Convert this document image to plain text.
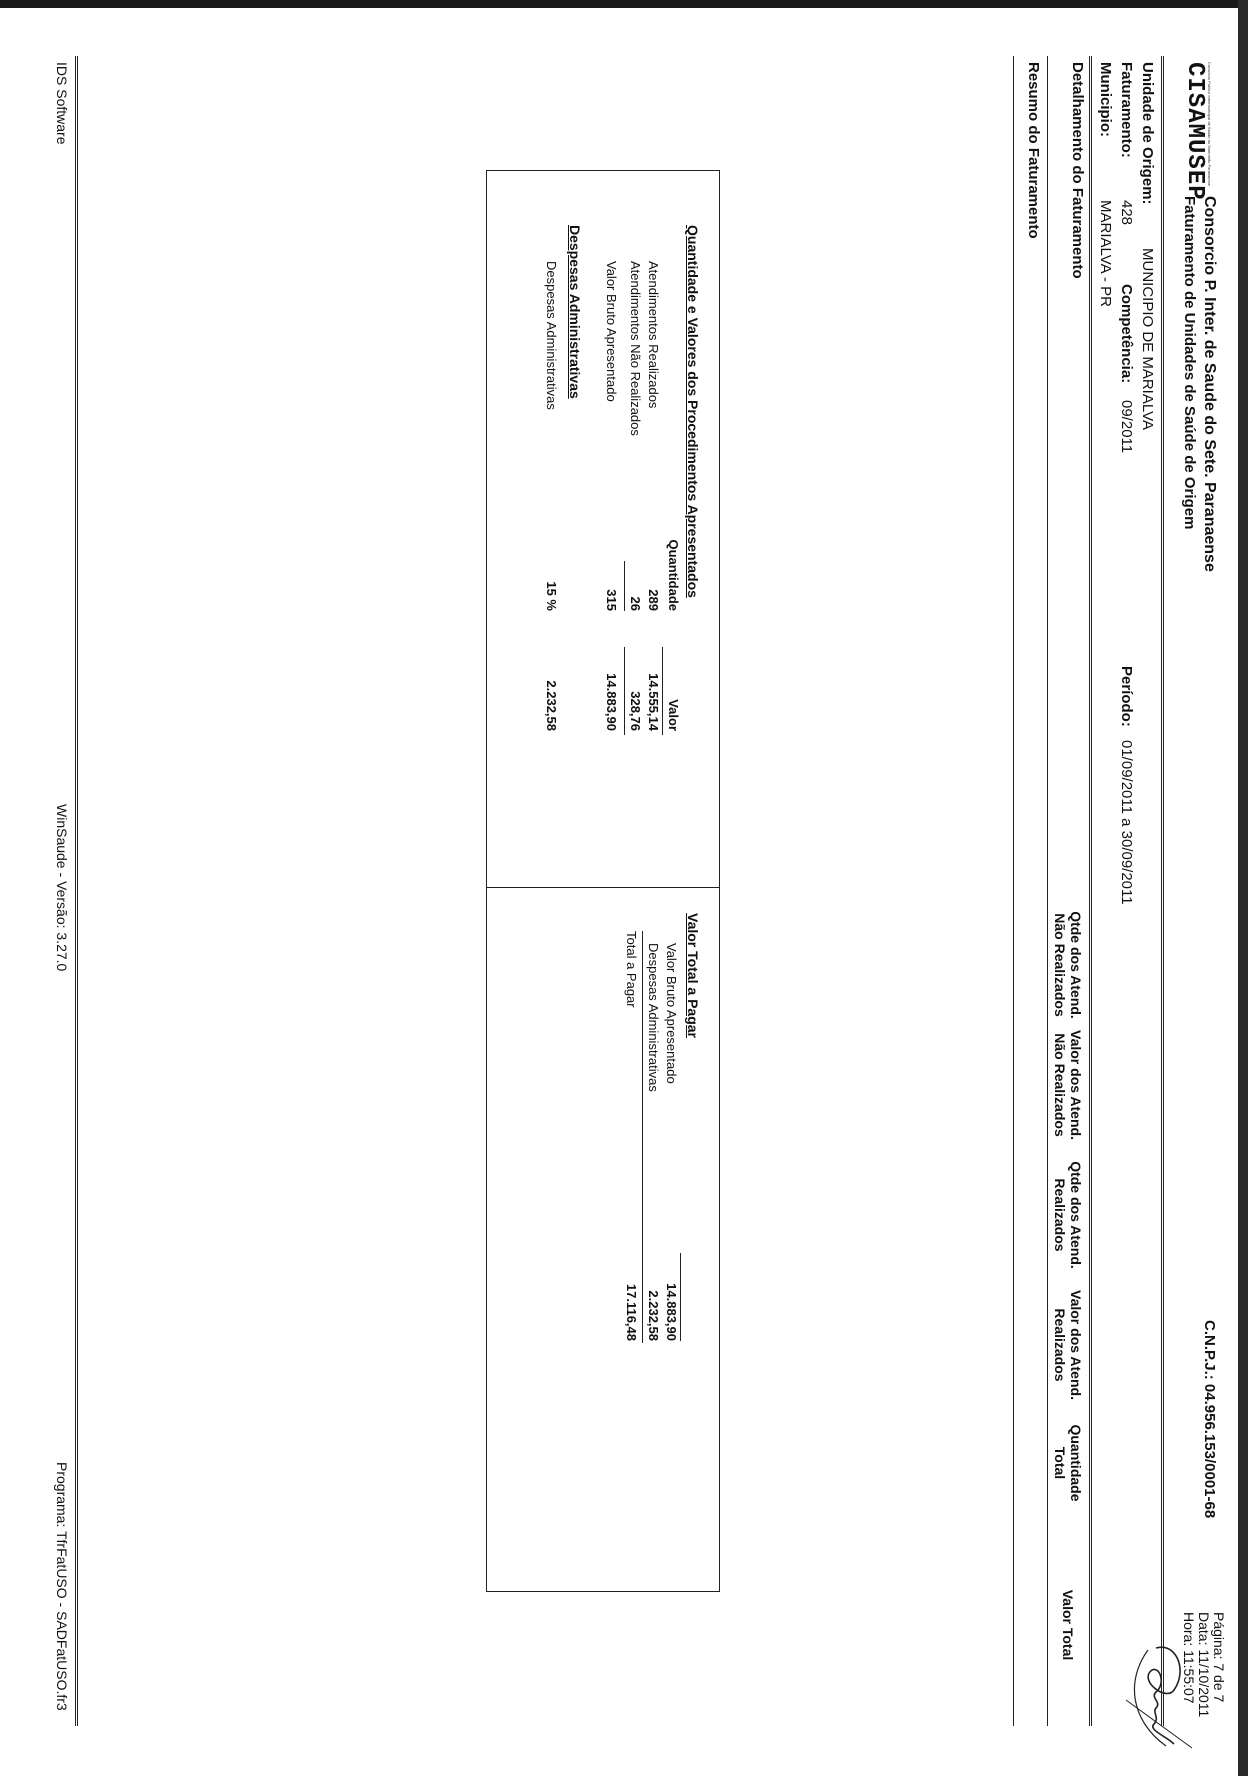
Consórcio Público Intermunicipal de Saúde do Setentrião Paranaense
CISAMUSEP
Consorcio P. Inter. de Saude do Sete. Paranaense
Faturamento de Unidades de Saúde de Origem
C.N.P.J.: 04.956.153/0001-68
Página: 7 de 7
Data: 11/10/2011
Hora: 11:55:07
Unidade de Origem:
MUNICIPIO DE MARIALVA
Faturamento:
428
Competência:
09/2011
Período:
01/09/2011 a 30/09/2011
Municipio:
MARIALVA - PR
Detalhamento do Faturamento
Qtde dos Atend. Não Realizados
Valor dos Atend. Não Realizados
Qtde dos Atend. Realizados
Valor dos Atend. Realizados
Quantidade Total
Valor Total
Resumo do Faturamento
Quantidade e Valores dos Procedimentos Apresentados
Quantidade
Valor
Atendimentos Realizados
289
14.555,14
Atendimentos Não Realizados
26
328,76
Valor Bruto Apresentado
315
14.883,90
Despesas Administrativas
Despesas Administrativas
15 %
2.232,58
Valor Total a Pagar
Valor Bruto Apresentado
14.883,90
Despesas Administrativas
2.232,58
Total a Pagar
17.116,48
IDS Software
WinSaude - Versão: 3.27.0
Programa: TfrFatUSO - SADFatUSO.fr3
